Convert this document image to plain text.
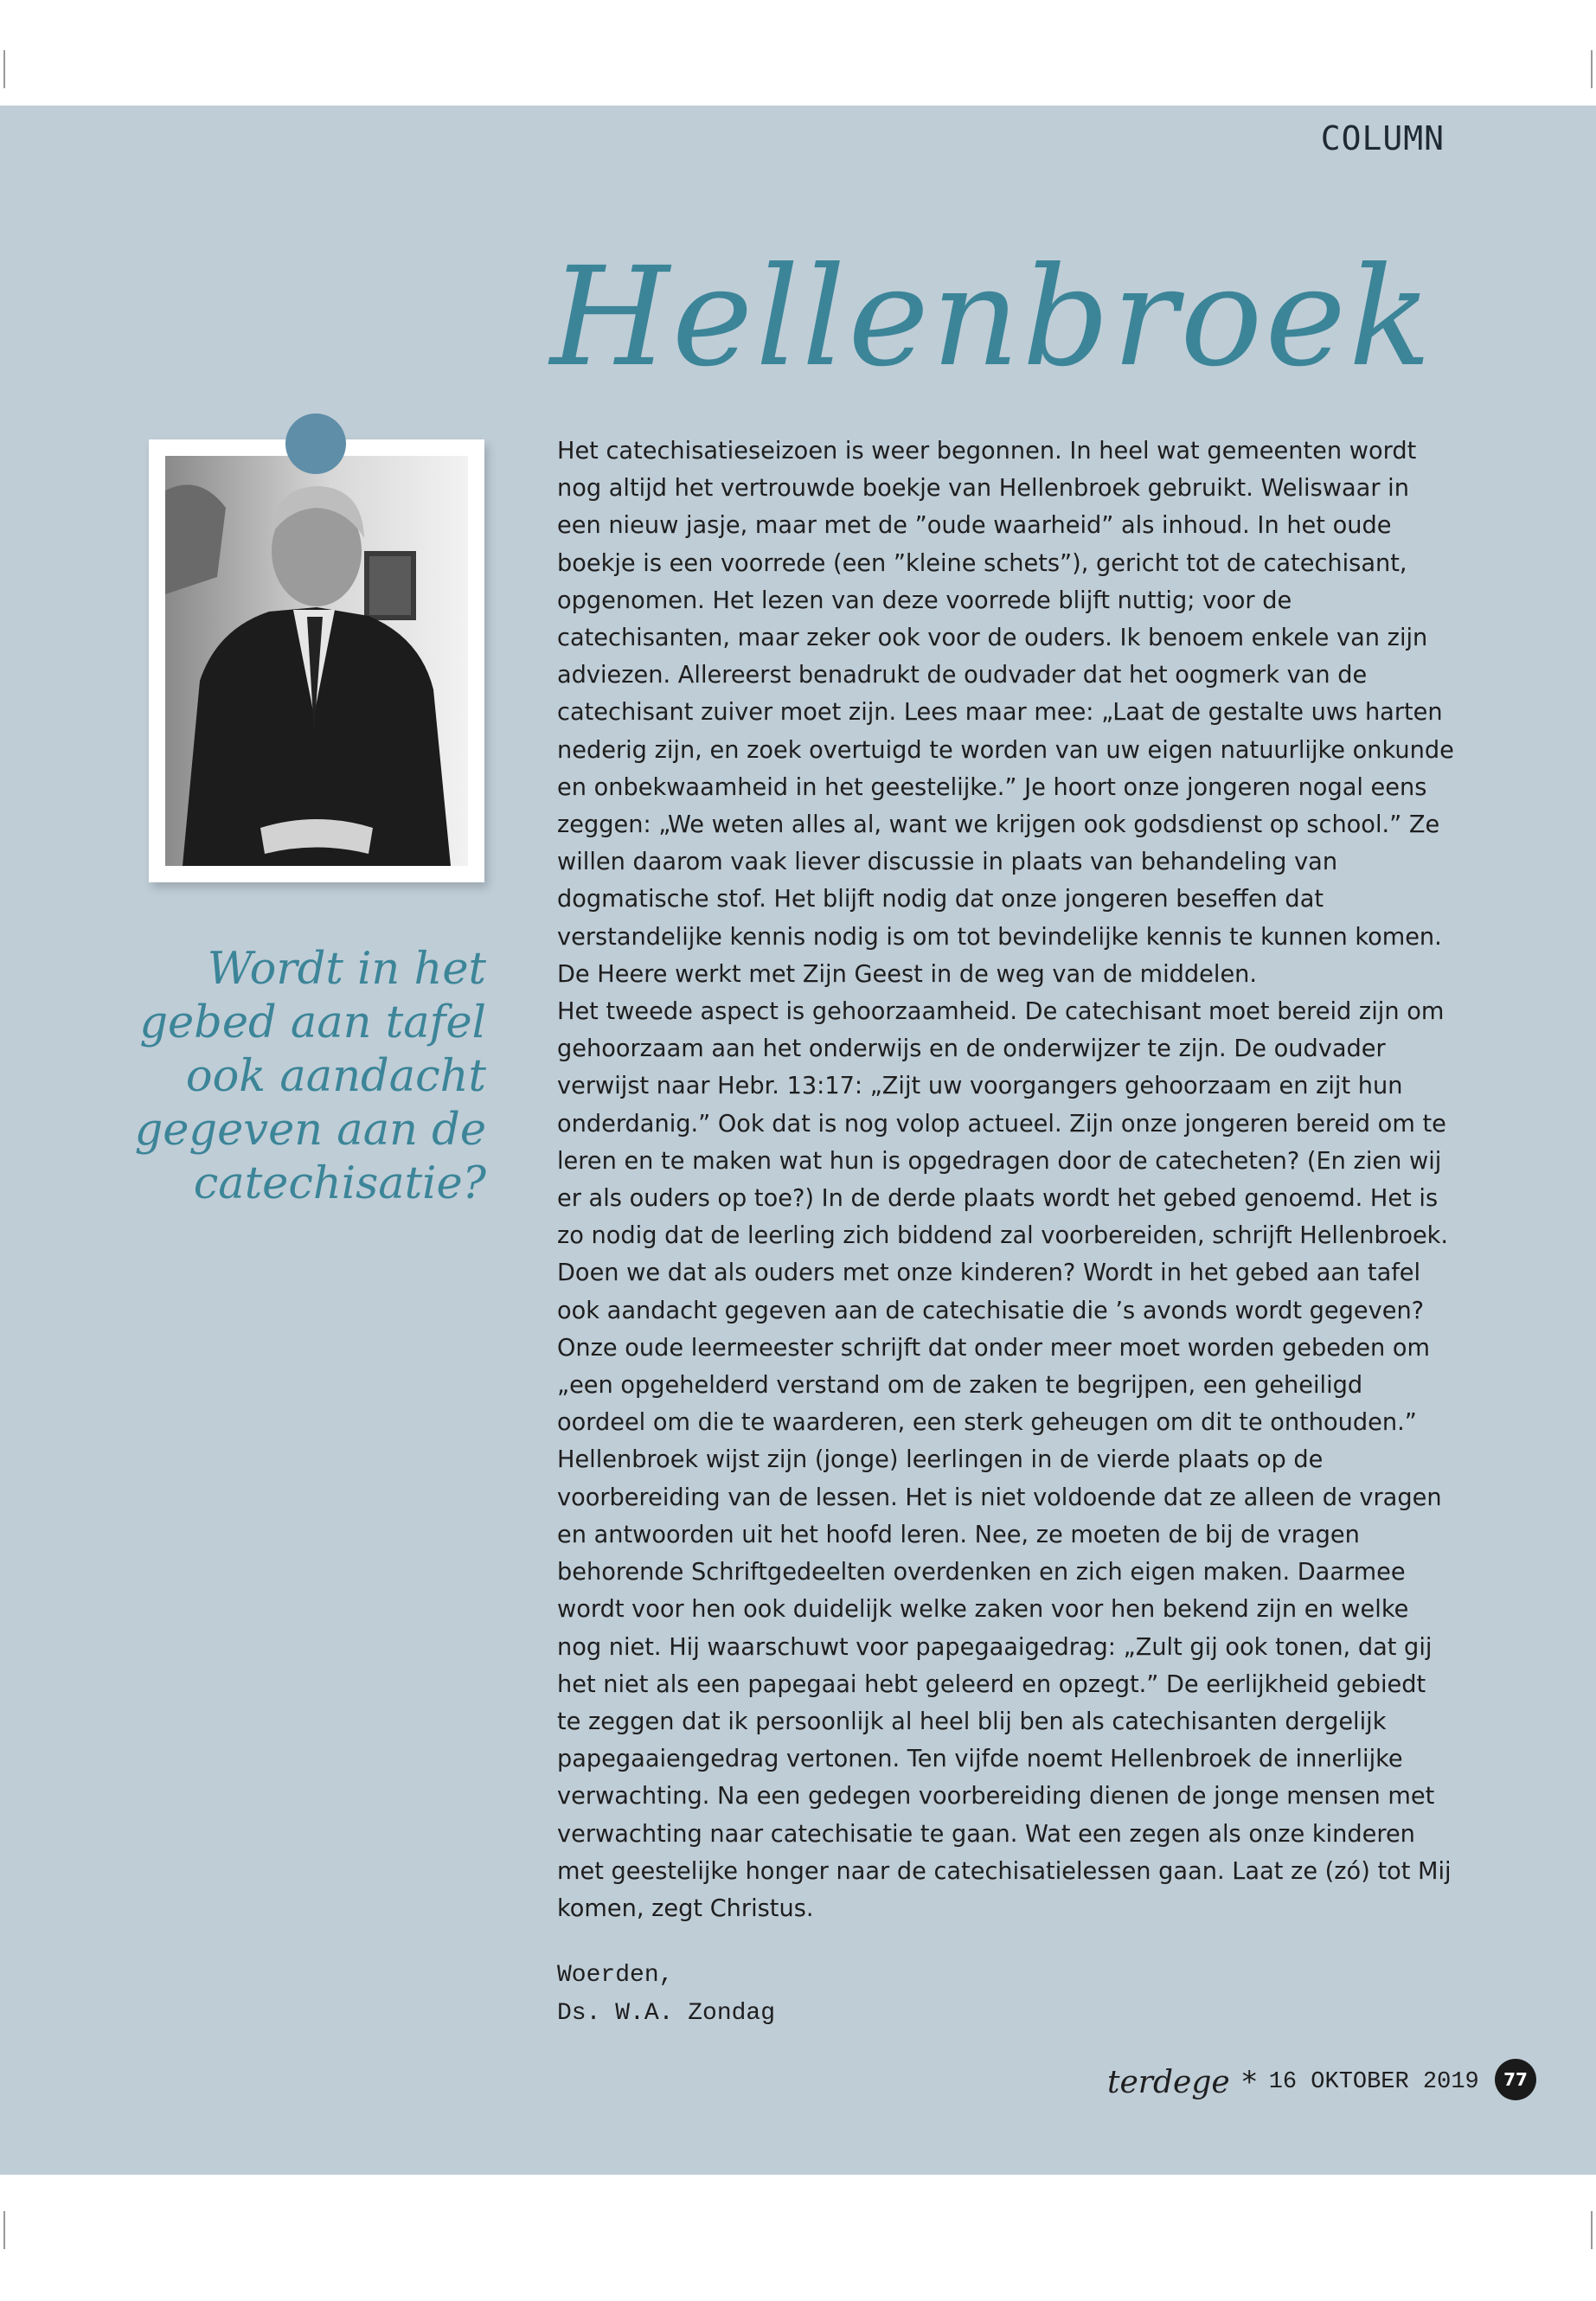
COLUMN
Hellenbroek
Wordt in het gebed aan tafel ook aandacht gegeven aan de catechisatie?

Het catechisatieseizoen is weer begonnen. In heel wat gemeenten wordt nog altijd het vertrouwde boekje van Hellenbroek gebruikt. Weliswaar in een nieuw jasje, maar met de ”oude waarheid” als inhoud. In het oude boekje is een voorrede (een ”kleine schets”), gericht tot de catechisant, opgenomen. Het lezen van deze voorrede blijft nuttig; voor de catechisanten, maar zeker ook voor de ouders. Ik benoem enkele van zijn adviezen. Allereerst benadrukt de oudvader dat het oogmerk van de catechisant zuiver moet zijn. Lees maar mee: „Laat de gestalte uws harten nederig zijn, en zoek overtuigd te worden van uw eigen natuurlijke onkunde en onbekwaamheid in het geestelijke.” Je hoort onze jongeren nogal eens zeggen: „We weten alles al, want we krijgen ook godsdienst op school.” Ze willen daarom vaak liever discussie in plaats van behandeling van dogmatische stof. Het blijft nodig dat onze jongeren beseffen dat verstandelijke kennis nodig is om tot bevindelijke kennis te kunnen komen. De Heere werkt met Zijn Geest in de weg van de middelen.

Het tweede aspect is gehoorzaamheid. De catechisant moet bereid zijn om gehoorzaam aan het onderwijs en de onderwijzer te zijn. De oudvader verwijst naar Hebr. 13:17: „Zijt uw voorgangers gehoorzaam en zijt hun onderdanig.” Ook dat is nog volop actueel. Zijn onze jongeren bereid om te leren en te maken wat hun is opgedragen door de catecheten? (En zien wij er als ouders op toe?) In de derde plaats wordt het gebed genoemd. Het is zo nodig dat de leerling zich biddend zal voorbereiden, schrijft Hellenbroek. Doen we dat als ouders met onze kinderen? Wordt in het gebed aan tafel ook aandacht gegeven aan de catechisatie die ’s avonds wordt gegeven? Onze oude leermeester schrijft dat onder meer moet worden gebeden om „een opgehelderd verstand om de zaken te begrijpen, een geheiligd oordeel om die te waarderen, een sterk geheugen om dit te onthouden.” Hellenbroek wijst zijn (jonge) leerlingen in de vierde plaats op de voorbereiding van de lessen. Het is niet voldoende dat ze alleen de vragen en antwoorden uit het hoofd leren. Nee, ze moeten de bij de vragen behorende Schriftgedeelten overdenken en zich eigen maken. Daarmee wordt voor hen ook duidelijk welke zaken voor hen bekend zijn en welke nog niet. Hij waarschuwt voor papegaaigedrag: „Zult gij ook tonen, dat gij het niet als een papegaai hebt geleerd en opzegt.” De eerlijkheid gebiedt te zeggen dat ik persoonlijk al heel blij ben als catechisanten dergelijk papegaaiengedrag vertonen. Ten vijfde noemt Hellenbroek de innerlijke verwachting. Na een gedegen voorbereiding dienen de jonge mensen met verwachting naar catechisatie te gaan. Wat een zegen als onze kinderen met geestelijke honger naar de catechisatielessen gaan. Laat ze (zó) tot Mij komen, zegt Christus.

Woerden,
Ds. W.A. Zondag
terdege * 16 OKTOBER 2019	77
